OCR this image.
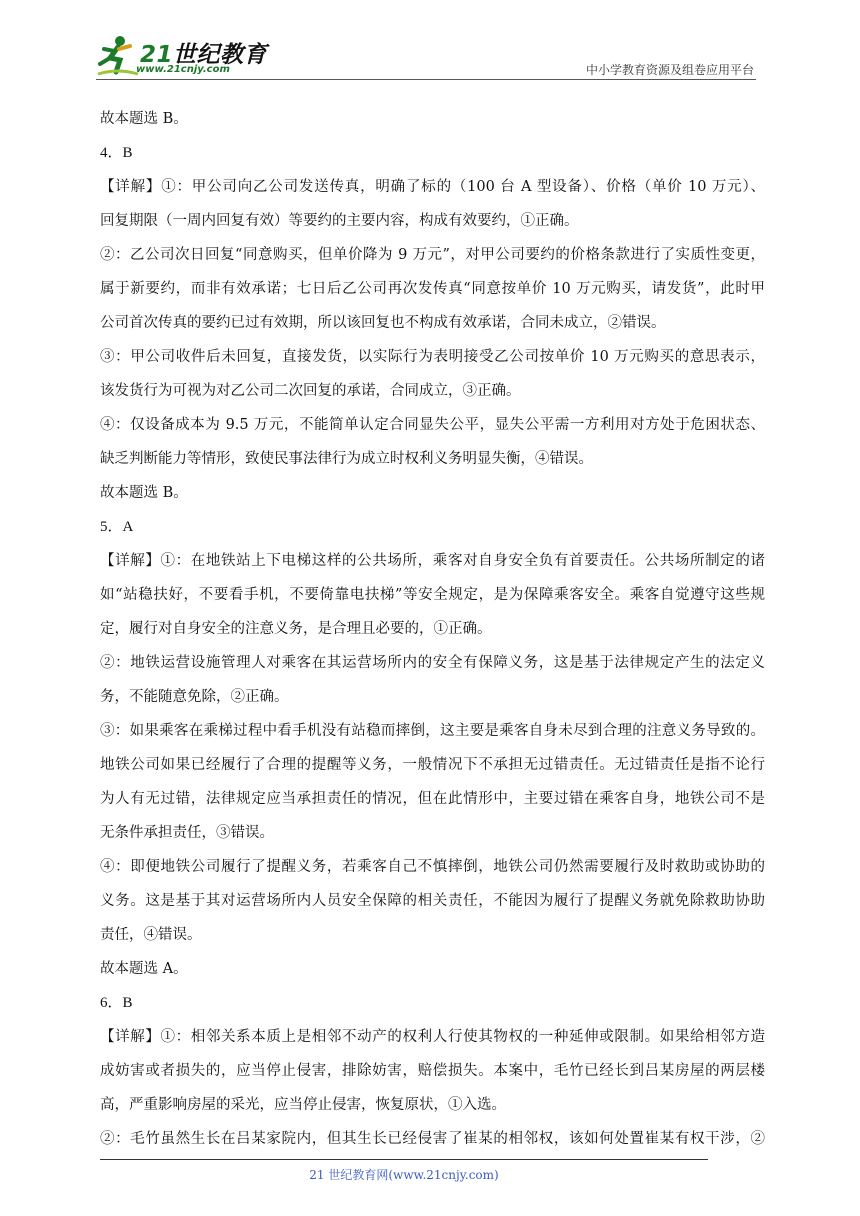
21世纪教育
www.21cnjy.com	中小学教育资源及组卷应用平台
故本题选 B。
4．B
【详解】①：甲公司向乙公司发送传真，明确了标的（100 台 A 型设备）、价格（单价 10 万元）、
回复期限（一周内回复有效）等要约的主要内容，构成有效要约，①正确。
②：乙公司次日回复“同意购买，但单价降为 9 万元”，对甲公司要约的价格条款进行了实质性变更，
属于新要约，而非有效承诺；七日后乙公司再次发传真“同意按单价 10 万元购买，请发货”，此时甲
公司首次传真的要约已过有效期，所以该回复也不构成有效承诺，合同未成立，②错误。
③：甲公司收件后未回复，直接发货，以实际行为表明接受乙公司按单价 10 万元购买的意思表示，
该发货行为可视为对乙公司二次回复的承诺，合同成立，③正确。
④：仅设备成本为 9.5 万元，不能简单认定合同显失公平，显失公平需一方利用对方处于危困状态、
缺乏判断能力等情形，致使民事法律行为成立时权利义务明显失衡，④错误。
故本题选 B。
5．A
【详解】①：在地铁站上下电梯这样的公共场所，乘客对自身安全负有首要责任。公共场所制定的诸
如“站稳扶好，不要看手机，不要倚靠电扶梯”等安全规定，是为保障乘客安全。乘客自觉遵守这些规
定，履行对自身安全的注意义务，是合理且必要的，①正确。
②：地铁运营设施管理人对乘客在其运营场所内的安全有保障义务，这是基于法律规定产生的法定义
务，不能随意免除，②正确。
③：如果乘客在乘梯过程中看手机没有站稳而摔倒，这主要是乘客自身未尽到合理的注意义务导致的。
地铁公司如果已经履行了合理的提醒等义务，一般情况下不承担无过错责任。无过错责任是指不论行
为人有无过错，法律规定应当承担责任的情况，但在此情形中，主要过错在乘客自身，地铁公司不是
无条件承担责任，③错误。
④：即便地铁公司履行了提醒义务，若乘客自己不慎摔倒，地铁公司仍然需要履行及时救助或协助的
义务。这是基于其对运营场所内人员安全保障的相关责任，不能因为履行了提醒义务就免除救助协助
责任，④错误。
故本题选 A。
6．B
【详解】①：相邻关系本质上是相邻不动产的权利人行使其物权的一种延伸或限制。如果给相邻方造
成妨害或者损失的，应当停止侵害，排除妨害，赔偿损失。本案中，毛竹已经长到吕某房屋的两层楼
高，严重影响房屋的采光，应当停止侵害，恢复原状，①入选。
②：毛竹虽然生长在吕某家院内，但其生长已经侵害了崔某的相邻权，该如何处置崔某有权干涉，②
21 世纪教育网(www.21cnjy.com)
